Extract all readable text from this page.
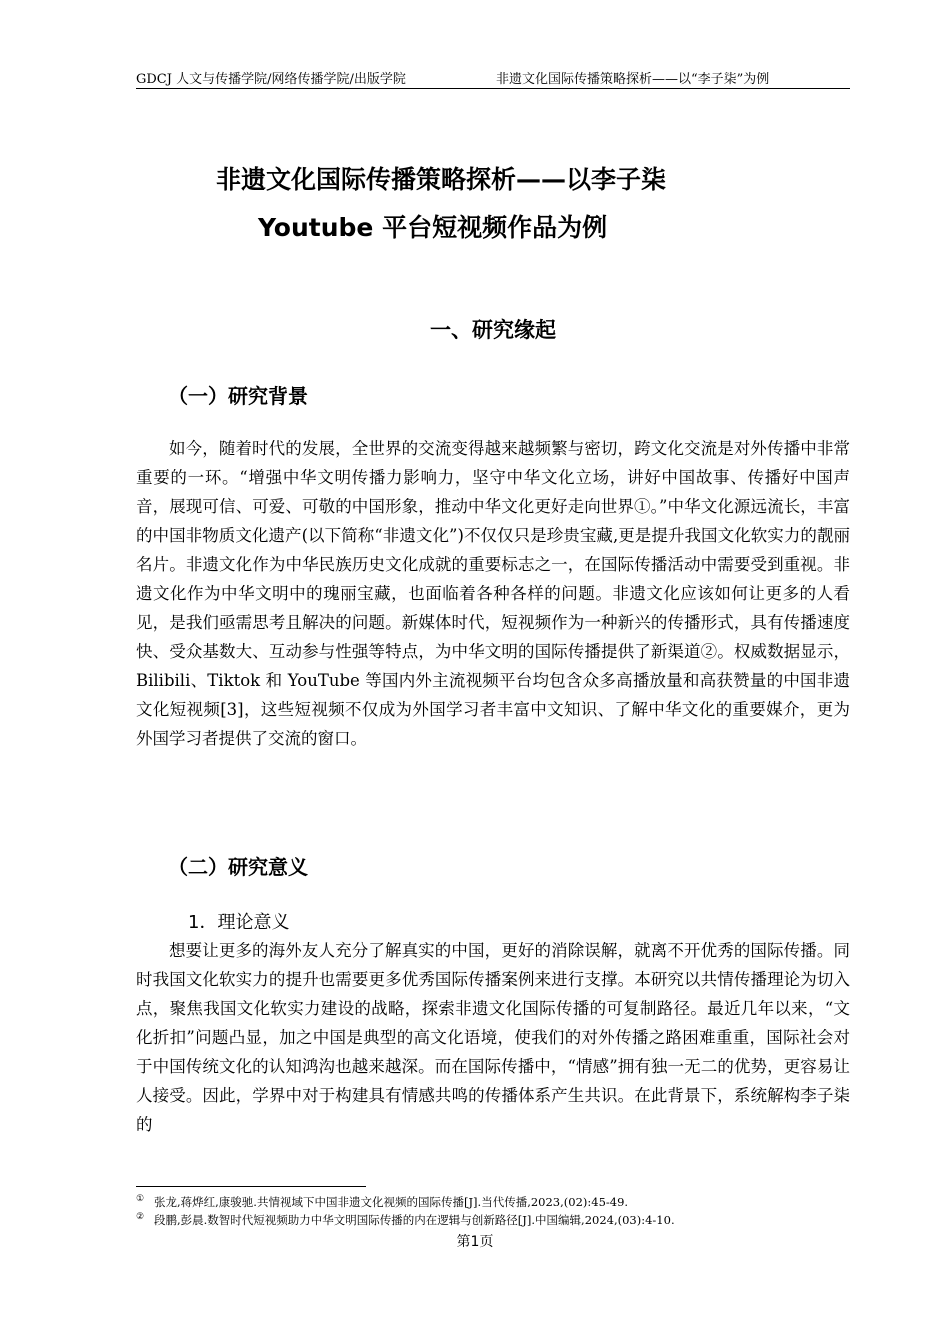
GDCJ 人文与传播学院/网络传播学院/出版学院	非遗文化国际传播策略探析——以“李子柒”为例
非遗文化国际传播策略探析——以李子柒
Youtube 平台短视频作品为例
一、研究缘起
（一）研究背景

如今，随着时代的发展，全世界的交流变得越来越频繁与密切，跨文化交流是对外传播中非常重要的一环。“增强中华文明传播力影响力，坚守中华文化立场，讲好中国故事、传播好中国声音，展现可信、可爱、可敬的中国形象，推动中华文化更好走向世界①。”中华文化源远流长，丰富的中国非物质文化遗产(以下简称“非遗文化”)不仅仅只是珍贵宝藏,更是提升我国文化软实力的靓丽名片。非遗文化作为中华民族历史文化成就的重要标志之一，在国际传播活动中需要受到重视。非遗文化作为中华文明中的瑰丽宝藏，也面临着各种各样的问题。非遗文化应该如何让更多的人看见，是我们亟需思考且解决的问题。新媒体时代，短视频作为一种新兴的传播形式，具有传播速度快、受众基数大、互动参与性强等特点，为中华文明的国际传播提供了新渠道②。权威数据显示，Bilibili、Tiktok 和 YouTube 等国内外主流视频平台均包含众多高播放量和高获赞量的中国非遗文化短视频[3]，这些短视频不仅成为外国学习者丰富中文知识、了解中华文化的重要媒介，更为外国学习者提供了交流的窗口。

（二）研究意义
1．理论意义

想要让更多的海外友人充分了解真实的中国，更好的消除误解，就离不开优秀的国际传播。同时我国文化软实力的提升也需要更多优秀国际传播案例来进行支撑。本研究以共情传播理论为切入点，聚焦我国文化软实力建设的战略，探索非遗文化国际传播的可复制路径。最近几年以来，“文化折扣”问题凸显，加之中国是典型的高文化语境，使我们的对外传播之路困难重重，国际社会对于中国传统文化的认知鸿沟也越来越深。而在国际传播中，“情感”拥有独一无二的优势，更容易让人接受。因此，学界中对于构建具有情感共鸣的传播体系产生共识。在此背景下，系统解构李子柒的

① 张龙,蒋烨红,康骏驰.共情视域下中国非遗文化视频的国际传播[J].当代传播,2023,(02):45-49.
② 段鹏,彭晨.数智时代短视频助力中华文明国际传播的内在逻辑与创新路径[J].中国编辑,2024,(03):4-10.
第1页
